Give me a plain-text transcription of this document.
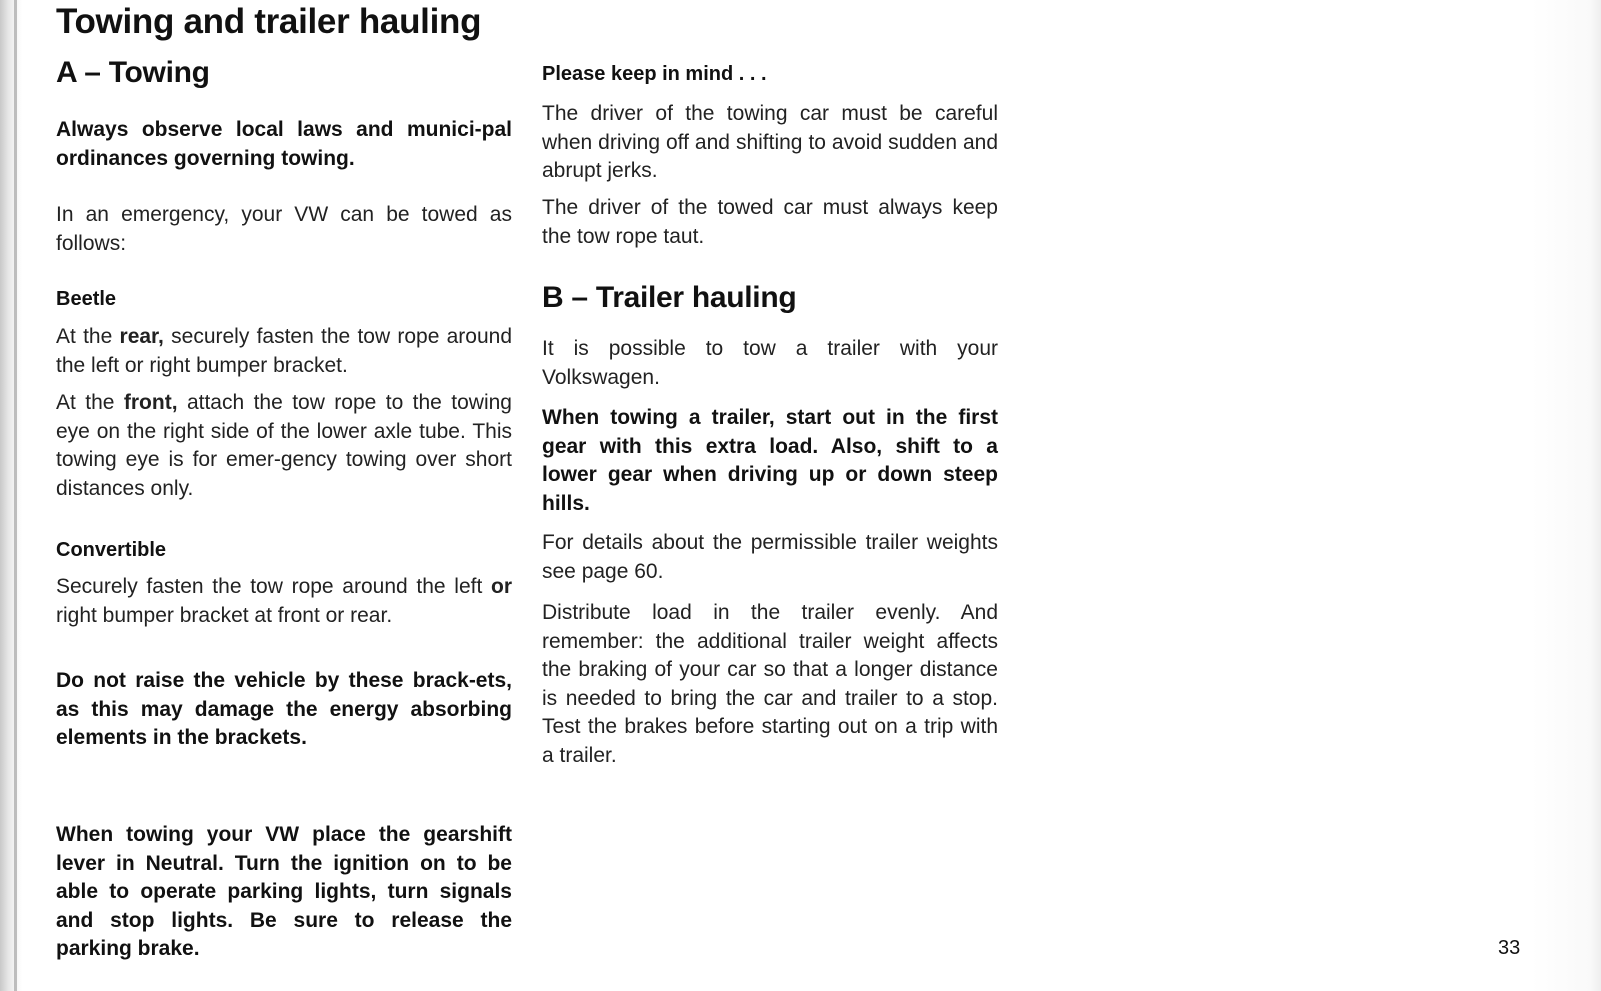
Towing and trailer hauling
A – Towing

Always observe local laws and munici-pal ordinances governing towing.

In an emergency, your VW can be towed as follows:

Beetle

At the rear, securely fasten the tow rope around the left or right bumper bracket.

At the front, attach the tow rope to the towing eye on the right side of the lower axle tube. This towing eye is for emer-gency towing over short distances only.

Convertible

Securely fasten the tow rope around the left or right bumper bracket at front or rear.

Do not raise the vehicle by these brack-ets, as this may damage the energy absorbing elements in the brackets.

When towing your VW place the gearshift lever in Neutral. Turn the ignition on to be able to operate parking lights, turn signals and stop lights. Be sure to release the parking brake.

Please keep in mind . . .

The driver of the towing car must be careful when driving off and shifting to avoid sudden and abrupt jerks.

The driver of the towed car must always keep the tow rope taut.

B – Trailer hauling

It is possible to tow a trailer with your Volkswagen.

When towing a trailer, start out in the first gear with this extra load. Also, shift to a lower gear when driving up or down steep hills.

For details about the permissible trailer weights see page 60.

Distribute load in the trailer evenly. And remember: the additional trailer weight affects the braking of your car so that a longer distance is needed to bring the car and trailer to a stop. Test the brakes before starting out on a trip with a trailer.

33
